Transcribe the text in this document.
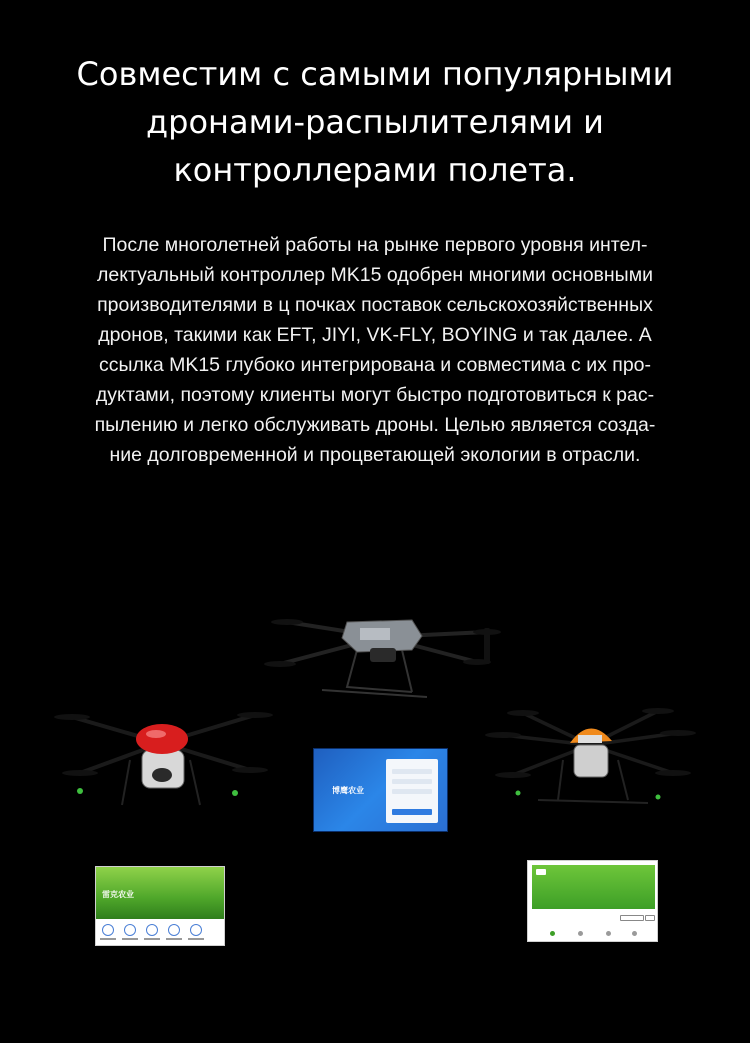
Совместим с самыми популярными
дронами-распылителями и
контроллерами полета.
После многолетней работы на рынке первого уровня интел-
лектуальный контроллер MK15 одобрен многими основными
производителями в ц почках поставок сельскохозяйственных
дронов, такими как EFT, JIYI, VK-FLY, BOYING и так далее. А
ссылка MK15 глубоко интегрирована и совместима с их про-
дуктами, поэтому клиенты могут быстро подготовиться к рас-
пылению и легко обслуживать дроны. Целью является созда-
ние долговременной и процветающей экологии в отрасли.
博鹰农业
雷克农业
